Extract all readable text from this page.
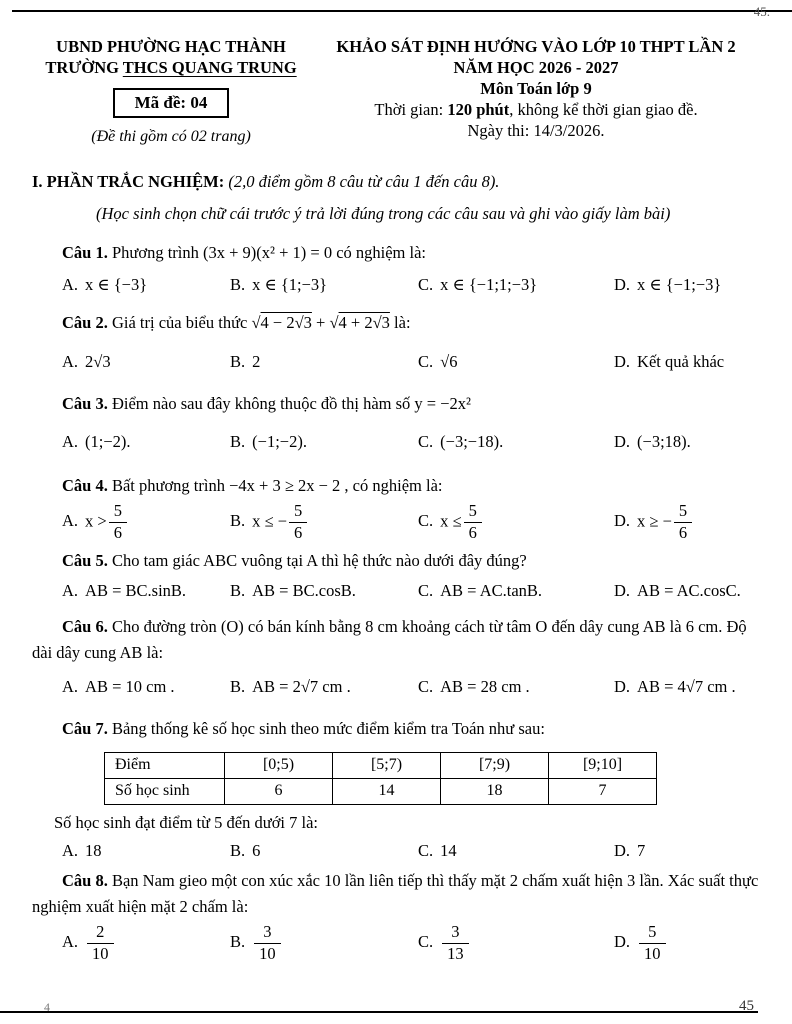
45.
45
4
UBND PHƯỜNG HẠC THÀNH
TRƯỜNG THCS QUANG TRUNG
Mã đề: 04
(Đề thi gồm có 02 trang)
KHẢO SÁT ĐỊNH HƯỚNG VÀO LỚP 10 THPT LẦN 2
NĂM HỌC 2026 - 2027
Môn Toán lớp 9
Thời gian: 120 phút, không kể thời gian giao đề.
Ngày thi: 14/3/2026.
I. PHẦN TRẮC NGHIỆM: (2,0 điểm gồm 8 câu từ câu 1 đến câu 8).
(Học sinh chọn chữ cái trước ý trả lời đúng trong các câu sau và ghi vào giấy làm bài)

Câu 1. Phương trình (3x + 9)(x² + 1) = 0 có nghiệm là:

A. x ∈ {−3}	B. x ∈ {1;−3}	C. x ∈ {−1;1;−3}	D. x ∈ {−1;−3}

Câu 2. Giá trị của biểu thức √4 − 2√3 + √4 + 2√3 là:

A. 2√3	B. 2	C. √6	D. Kết quả khác

Câu 3. Điểm nào sau đây không thuộc đồ thị hàm số y = −2x²

A. (1;−2).	B. (−1;−2).	C. (−3;−18).	D. (−3;18).

Câu 4. Bất phương trình −4x + 3 ≥ 2x − 2 , có nghiệm là:

A. $x > \frac{5}{6}$	B. x ≤ − $\frac{5}{6}$	C. $x \le \frac{5}{6}$	D. x ≥ − $\frac{5}{6}$

Câu 5. Cho tam giác ABC vuông tại A thì hệ thức nào dưới đây đúng?

A. AB = BC.sinB.	B. AB = BC.cosB.	C. AB = AC.tanB.	D. AB = AC.cosC.

Câu 6. Cho đường tròn (O) có bán kính bằng 8 cm khoảng cách từ tâm O đến dây cung AB là 6 cm. Độ dài dây cung AB là:

A. AB = 10 cm .	B. AB = 2√7 cm .	C. AB = 28 cm .	D. AB = 4√7 cm .

Câu 7. Bảng thống kê số học sinh theo mức điểm kiểm tra Toán như sau:

Điểm	[0;5)	[5;7)	[7;9)	[9;10]
Số học sinh	6	14	18	7

Số học sinh đạt điểm từ 5 đến dưới 7 là:

A. 18	B. 6	C. 14	D. 7

Câu 8. Bạn Nam gieo một con xúc xắc 10 lần liên tiếp thì thấy mặt 2 chấm xuất hiện 3 lần. Xác suất thực nghiệm xuất hiện mặt 2 chấm là:

A. $\frac{2}{10}$	B. $\frac{3}{10}$	C. $\frac{3}{13}$	D. $\frac{5}{10}$
